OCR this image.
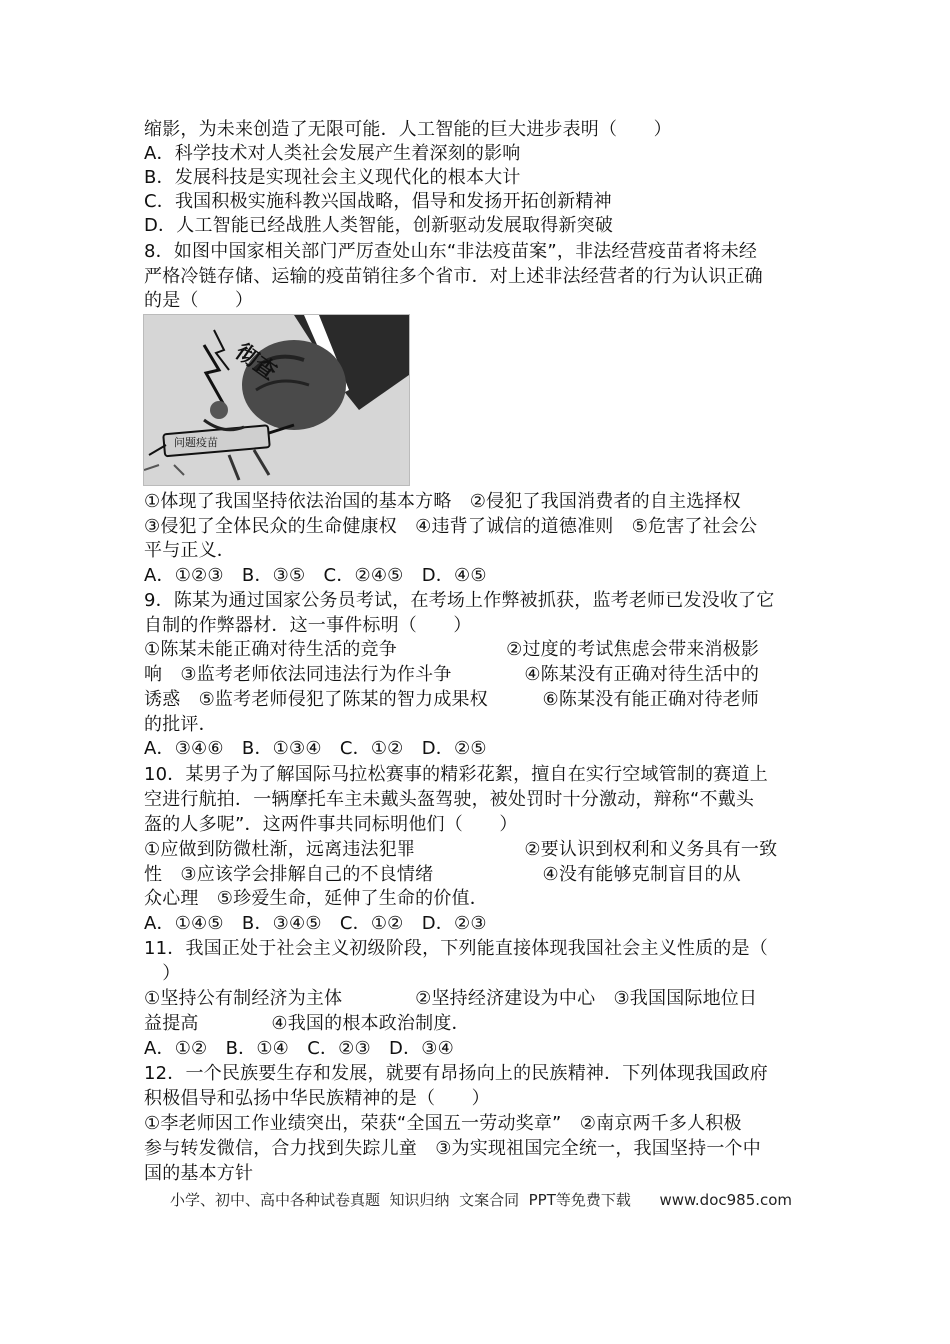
缩影，为未来创造了无限可能．人工智能的巨大进步表明（　　）
A．科学技术对人类社会发展产生着深刻的影响
B．发展科技是实现社会主义现代化的根本大计
C．我国积极实施科教兴国战略，倡导和发扬开拓创新精神
D．人工智能已经战胜人类智能，创新驱动发展取得新突破
8．如图中国家相关部门严厉查处山东“非法疫苗案”，非法经营疫苗者将未经
严格冷链存储、运输的疫苗销往多个省市．对上述非法经营者的行为认识正确
的是（　　）
彻查
问题疫苗
①体现了我国坚持依法治国的基本方略　②侵犯了我国消费者的自主选择权
③侵犯了全体民众的生命健康权　④违背了诚信的道德准则　⑤危害了社会公
平与正义．
A．①②③　B．③⑤　C．②④⑤　D．④⑤
9．陈某为通过国家公务员考试，在考场上作弊被抓获，监考老师已发没收了它
自制的作弊器材．这一事件标明（　　）
①陈某未能正确对待生活的竞争　　　　　　②过度的考试焦虑会带来消极影
响　③监考老师依法同违法行为作斗争　　　　④陈某没有正确对待生活中的
诱惑　⑤监考老师侵犯了陈某的智力成果权　　　⑥陈某没有能正确对待老师
的批评．
A．③④⑥　B．①③④　C．①②　D．②⑤
10．某男子为了解国际马拉松赛事的精彩花絮，擅自在实行空域管制的赛道上
空进行航拍．一辆摩托车主未戴头盔驾驶，被处罚时十分激动，辩称“不戴头
盔的人多呢”．这两件事共同标明他们（　　）
①应做到防微杜渐，远离违法犯罪　　　　　　②要认识到权利和义务具有一致
性　③应该学会排解自己的不良情绪　　　　　　④没有能够克制盲目的从
众心理　⑤珍爱生命，延伸了生命的价值．
A．①④⑤　B．③④⑤　C．①②　D．②③
11．我国正处于社会主义初级阶段，下列能直接体现我国社会主义性质的是（
　）
①坚持公有制经济为主体　　　　②坚持经济建设为中心　③我国国际地位日
益提高　　　　④我国的根本政治制度．
A．①②　B．①④　C．②③　D．③④
12．一个民族要生存和发展，就要有昂扬向上的民族精神．下列体现我国政府
积极倡导和弘扬中华民族精神的是（　　）
①李老师因工作业绩突出，荣获“全国五一劳动奖章”　②南京两千多人积极
参与转发微信，合力找到失踪儿童　③为实现祖国完全统一，我国坚持一个中
国的基本方针
小学、初中、高中各种试卷真题  知识归纳  文案合同  PPT等免费下载      www.doc985.com
